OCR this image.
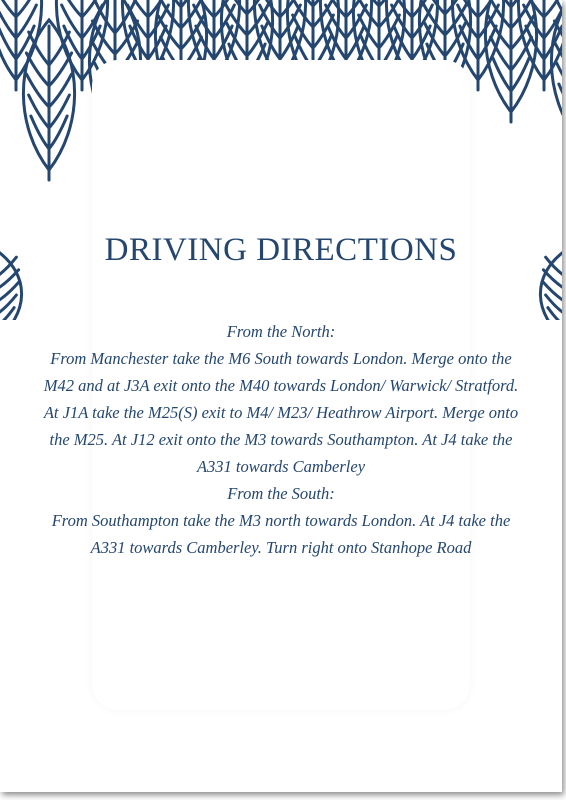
DRIVING DIRECTIONS

From the North:

From Manchester take the M6 South towards London. Merge onto the M42 and at J3A exit onto the M40 towards London/ Warwick/ Stratford. At J1A take the M25(S) exit to M4/ M23/ Heathrow Airport. Merge onto the M25. At J12 exit onto the M3 towards Southampton. At J4 take the A331 towards Camberley

From the South:

From Southampton take the M3 north towards London. At J4 take the A331 towards Camberley. Turn right onto Stanhope Road
